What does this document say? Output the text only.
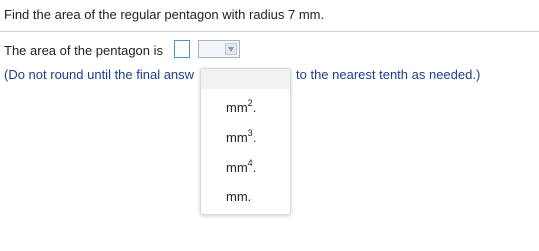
Find the area of the regular pentagon with radius 7 mm.
The area of the pentagon is
(Do not round until the final answ	to the nearest tenth as needed.)
$mm^2$.
$mm^3$.
$mm^4$.
mm.
